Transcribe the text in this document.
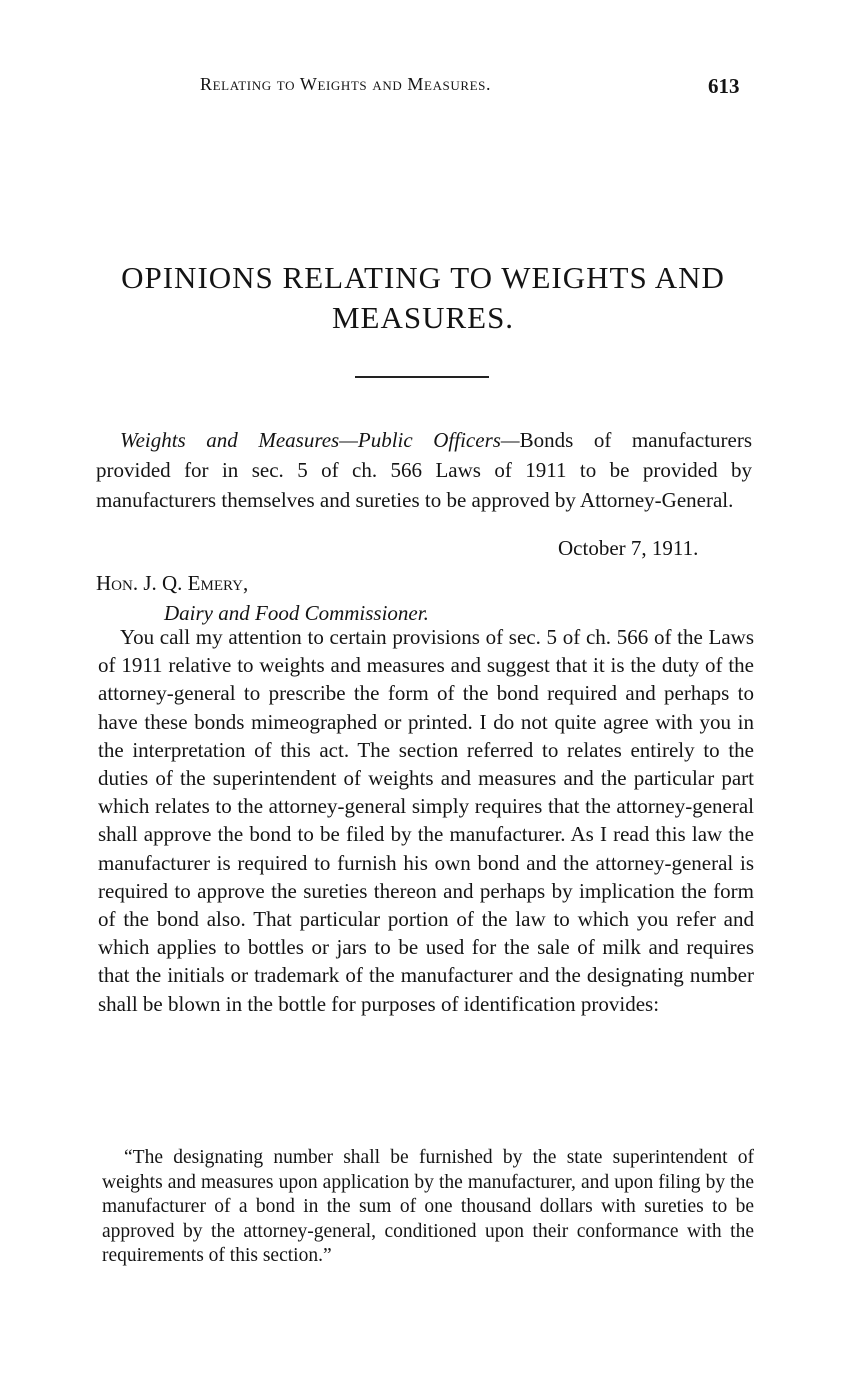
Relating to Weights and Measures.	613
OPINIONS RELATING TO WEIGHTS AND MEASURES.
Weights and Measures—Public Officers—Bonds of manufacturers provided for in sec. 5 of ch. 566 Laws of 1911 to be provided by manufacturers themselves and sureties to be approved by Attorney-General.
October 7, 1911.
Hon. J. Q. Emery,
Dairy and Food Commissioner.
You call my attention to certain provisions of sec. 5 of ch. 566 of the Laws of 1911 relative to weights and measures and suggest that it is the duty of the attorney-general to prescribe the form of the bond required and perhaps to have these bonds mimeographed or printed. I do not quite agree with you in the interpretation of this act. The section referred to relates entirely to the duties of the superintendent of weights and measures and the particular part which relates to the attorney-general simply requires that the attorney-general shall approve the bond to be filed by the manufacturer. As I read this law the manufacturer is required to furnish his own bond and the attorney-general is required to approve the sureties thereon and perhaps by implication the form of the bond also. That particular portion of the law to which you refer and which applies to bottles or jars to be used for the sale of milk and requires that the initials or trademark of the manufacturer and the designating number shall be blown in the bottle for purposes of identification provides:
“The designating number shall be furnished by the state superintendent of weights and measures upon application by the manufacturer, and upon filing by the manufacturer of a bond in the sum of one thousand dollars with sureties to be approved by the attorney-general, conditioned upon their conformance with the requirements of this section.”
